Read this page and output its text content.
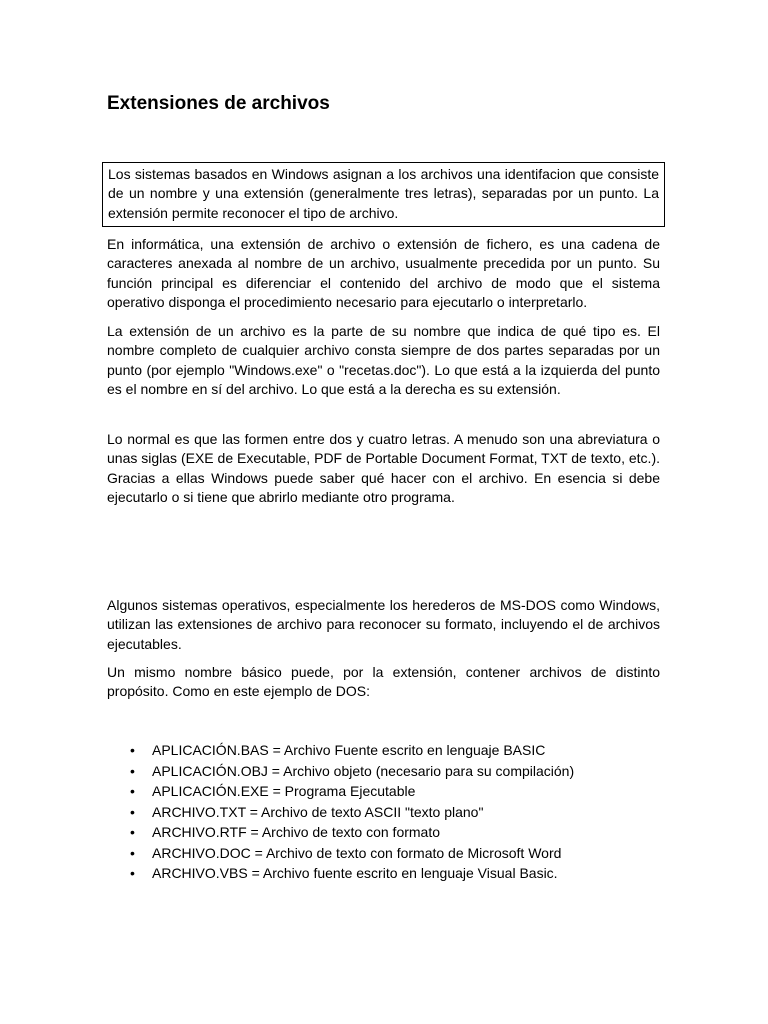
Extensiones de archivos
Los sistemas basados en Windows asignan a los archivos una identifacion que consiste de un nombre y una extensión (generalmente tres letras), separadas por un punto. La extensión permite reconocer el tipo de archivo.

En informática, una extensión de archivo o extensión de fichero, es una cadena de caracteres anexada al nombre de un archivo, usualmente precedida por un punto. Su función principal es diferenciar el contenido del archivo de modo que el sistema operativo disponga el procedimiento necesario para ejecutarlo o interpretarlo.

La extensión de un archivo es la parte de su nombre que indica de qué tipo es. El nombre completo de cualquier archivo consta siempre de dos partes separadas por un punto (por ejemplo "Windows.exe" o "recetas.doc"). Lo que está a la izquierda del punto es el nombre en sí del archivo. Lo que está a la derecha es su extensión.

Lo normal es que las formen entre dos y cuatro letras. A menudo son una abreviatura o unas siglas (EXE de Executable, PDF de Portable Document Format, TXT de texto, etc.). Gracias a ellas Windows puede saber qué hacer con el archivo. En esencia si debe ejecutarlo o si tiene que abrirlo mediante otro programa.

Algunos sistemas operativos, especialmente los herederos de MS-DOS como Windows, utilizan las extensiones de archivo para reconocer su formato, incluyendo el de archivos ejecutables.

Un mismo nombre básico puede, por la extensión, contener archivos de distinto propósito. Como en este ejemplo de DOS:

• APLICACIÓN.BAS = Archivo Fuente escrito en lenguaje BASIC
• APLICACIÓN.OBJ = Archivo objeto (necesario para su compilación)
• APLICACIÓN.EXE = Programa Ejecutable
• ARCHIVO.TXT = Archivo de texto ASCII "texto plano"
• ARCHIVO.RTF = Archivo de texto con formato
• ARCHIVO.DOC = Archivo de texto con formato de Microsoft Word
• ARCHIVO.VBS = Archivo fuente escrito en lenguaje Visual Basic.
